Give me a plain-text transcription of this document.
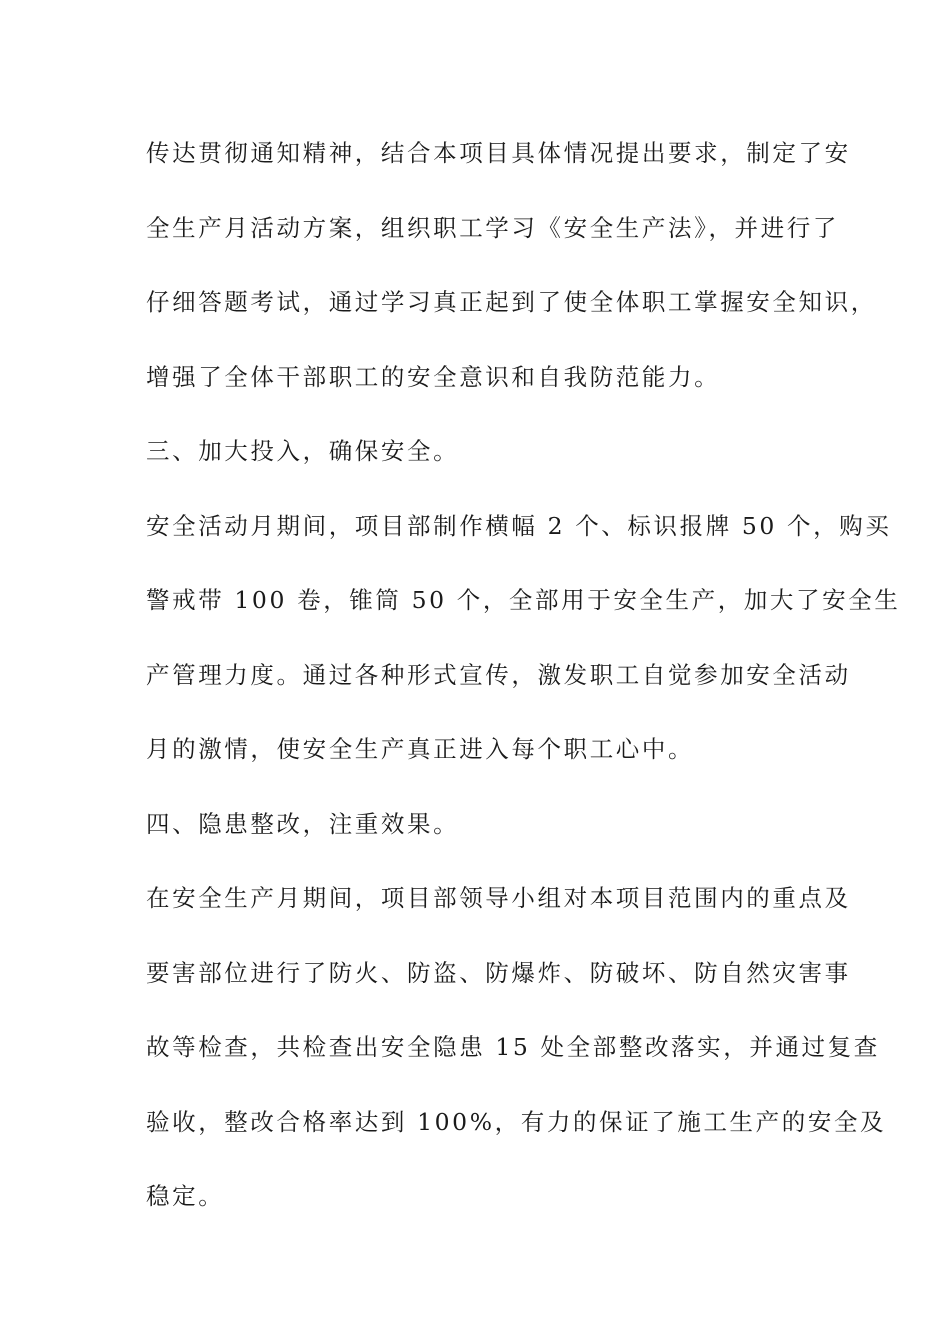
传达贯彻通知精神，结合本项目具体情况提出要求，制定了安
全生产月活动方案，组织职工学习《安全生产法》，并进行了
仔细答题考试，通过学习真正起到了使全体职工掌握安全知识，
增强了全体干部职工的安全意识和自我防范能力。
三、加大投入，确保安全。
安全活动月期间，项目部制作横幅 2 个、标识报牌 50 个，购买
警戒带 100 卷，锥筒 50 个，全部用于安全生产，加大了安全生
产管理力度。通过各种形式宣传，激发职工自觉参加安全活动
月的激情，使安全生产真正进入每个职工心中。
四、隐患整改，注重效果。
在安全生产月期间，项目部领导小组对本项目范围内的重点及
要害部位进行了防火、防盗、防爆炸、防破坏、防自然灾害事
故等检查，共检查出安全隐患 15 处全部整改落实，并通过复查
验收，整改合格率达到 100%，有力的保证了施工生产的安全及
稳定。
